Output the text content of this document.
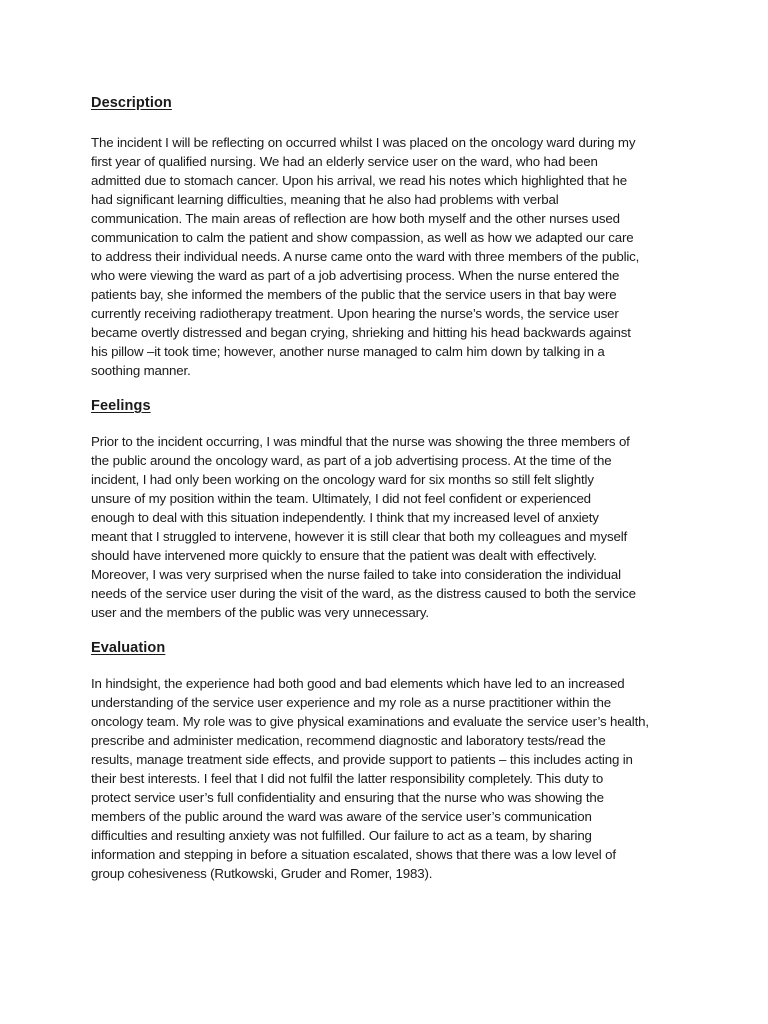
Description

The incident I will be reflecting on occurred whilst I was placed on the oncology ward during my
first year of qualified nursing. We had an elderly service user on the ward, who had been
admitted due to stomach cancer. Upon his arrival, we read his notes which highlighted that he
had significant learning difficulties, meaning that he also had problems with verbal
communication. The main areas of reflection are how both myself and the other nurses used
communication to calm the patient and show compassion, as well as how we adapted our care
to address their individual needs. A nurse came onto the ward with three members of the public,
who were viewing the ward as part of a job advertising process. When the nurse entered the
patients bay, she informed the members of the public that the service users in that bay were
currently receiving radiotherapy treatment. Upon hearing the nurse’s words, the service user
became overtly distressed and began crying, shrieking and hitting his head backwards against
his pillow –it took time; however, another nurse managed to calm him down by talking in a
soothing manner.

Feelings

Prior to the incident occurring, I was mindful that the nurse was showing the three members of
the public around the oncology ward, as part of a job advertising process. At the time of the
incident, I had only been working on the oncology ward for six months so still felt slightly
unsure of my position within the team. Ultimately, I did not feel confident or experienced
enough to deal with this situation independently. I think that my increased level of anxiety
meant that I struggled to intervene, however it is still clear that both my colleagues and myself
should have intervened more quickly to ensure that the patient was dealt with effectively.
Moreover, I was very surprised when the nurse failed to take into consideration the individual
needs of the service user during the visit of the ward, as the distress caused to both the service
user and the members of the public was very unnecessary.

Evaluation

In hindsight, the experience had both good and bad elements which have led to an increased
understanding of the service user experience and my role as a nurse practitioner within the
oncology team. My role was to give physical examinations and evaluate the service user’s health,
prescribe and administer medication, recommend diagnostic and laboratory tests/read the
results, manage treatment side effects, and provide support to patients – this includes acting in
their best interests. I feel that I did not fulfil the latter responsibility completely. This duty to
protect service user’s full confidentiality and ensuring that the nurse who was showing the
members of the public around the ward was aware of the service user’s communication
difficulties and resulting anxiety was not fulfilled. Our failure to act as a team, by sharing
information and stepping in before a situation escalated, shows that there was a low level of
group cohesiveness (Rutkowski, Gruder and Romer, 1983).
